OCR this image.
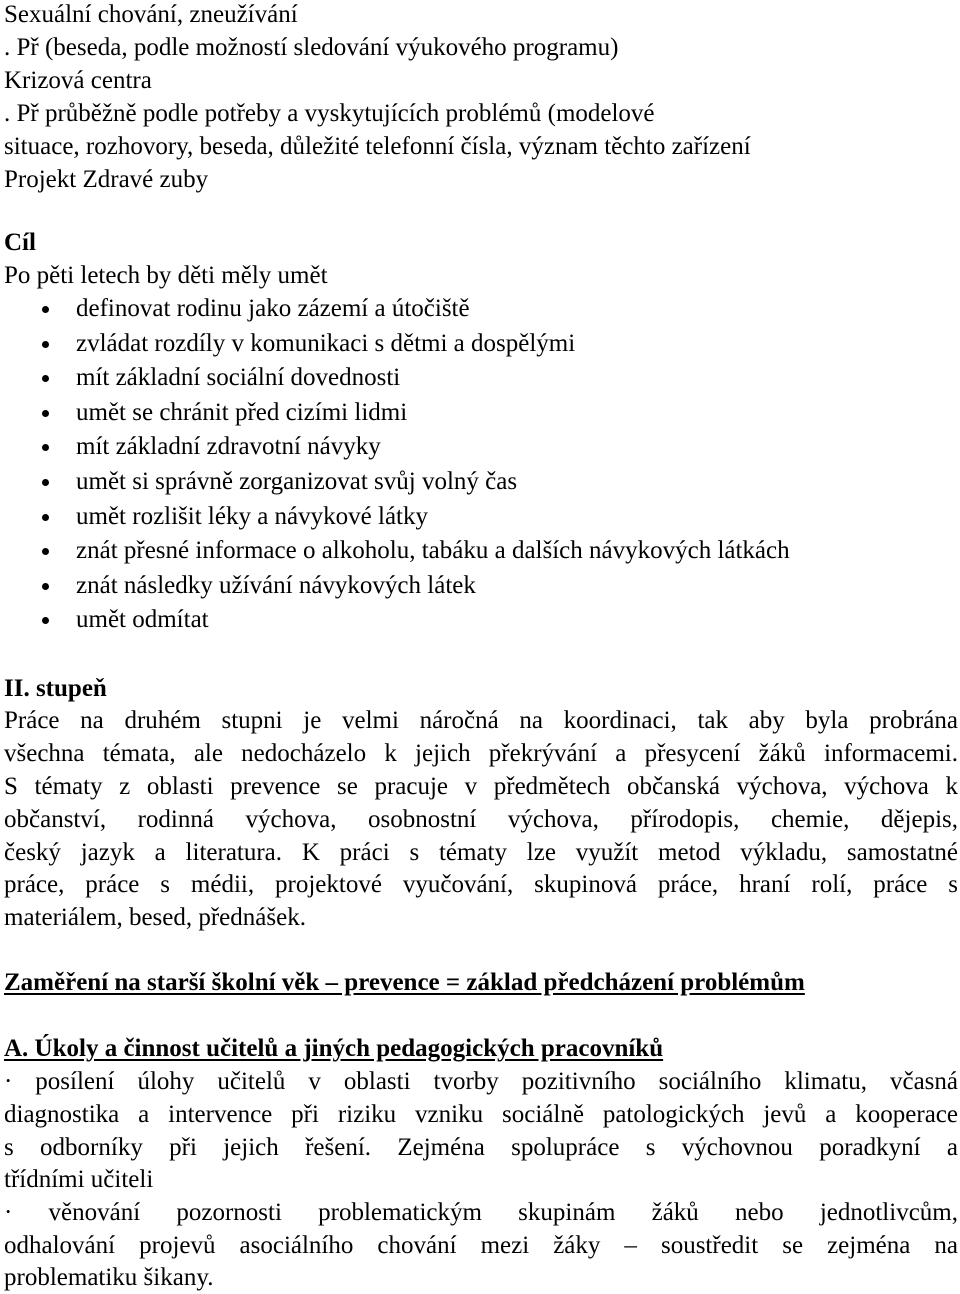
Sexuální chování, zneužívání
. Př (beseda, podle možností sledování výukového programu)
Krizová centra
. Př průběžně podle potřeby a vyskytujících problémů (modelové
situace, rozhovory, beseda, důležité telefonní čísla, význam těchto zařízení
Projekt Zdravé zuby
Cíl
Po pěti letech by děti měly umět
definovat rodinu jako zázemí a útočiště
zvládat rozdíly v komunikaci s dětmi a dospělými
mít základní sociální dovednosti
umět se chránit před cizími lidmi
mít základní zdravotní návyky
umět si správně zorganizovat svůj volný čas
umět rozlišit léky a návykové látky
znát přesné informace o alkoholu, tabáku a dalších návykových látkách
znát následky užívání návykových látek
umět odmítat
II. stupeň
Práce na druhém stupni je velmi náročná na koordinaci, tak aby byla probrána
všechna témata, ale nedocházelo k jejich překrývání a přesycení žáků informacemi.
S tématy z oblasti prevence se pracuje v předmětech občanská výchova, výchova k
občanství, rodinná výchova, osobnostní výchova, přírodopis, chemie, dějepis,
český jazyk a literatura. K práci s tématy lze využít metod výkladu, samostatné
práce, práce s médii, projektové vyučování, skupinová práce, hraní rolí, práce s
materiálem, besed, přednášek.
Zaměření na starší školní věk – prevence = základ předcházení problémům
A. Úkoly a činnost učitelů a jiných pedagogických pracovníků
· posílení úlohy učitelů v oblasti tvorby pozitivního sociálního klimatu, včasná
diagnostika a intervence při riziku vzniku sociálně patologických jevů a kooperace
s odborníky při jejich řešení. Zejména spolupráce s výchovnou poradkyní a
třídními učiteli
· věnování pozornosti problematickým skupinám žáků nebo jednotlivcům,
odhalování projevů asociálního chování mezi žáky – soustředit se zejména na
problematiku šikany.
